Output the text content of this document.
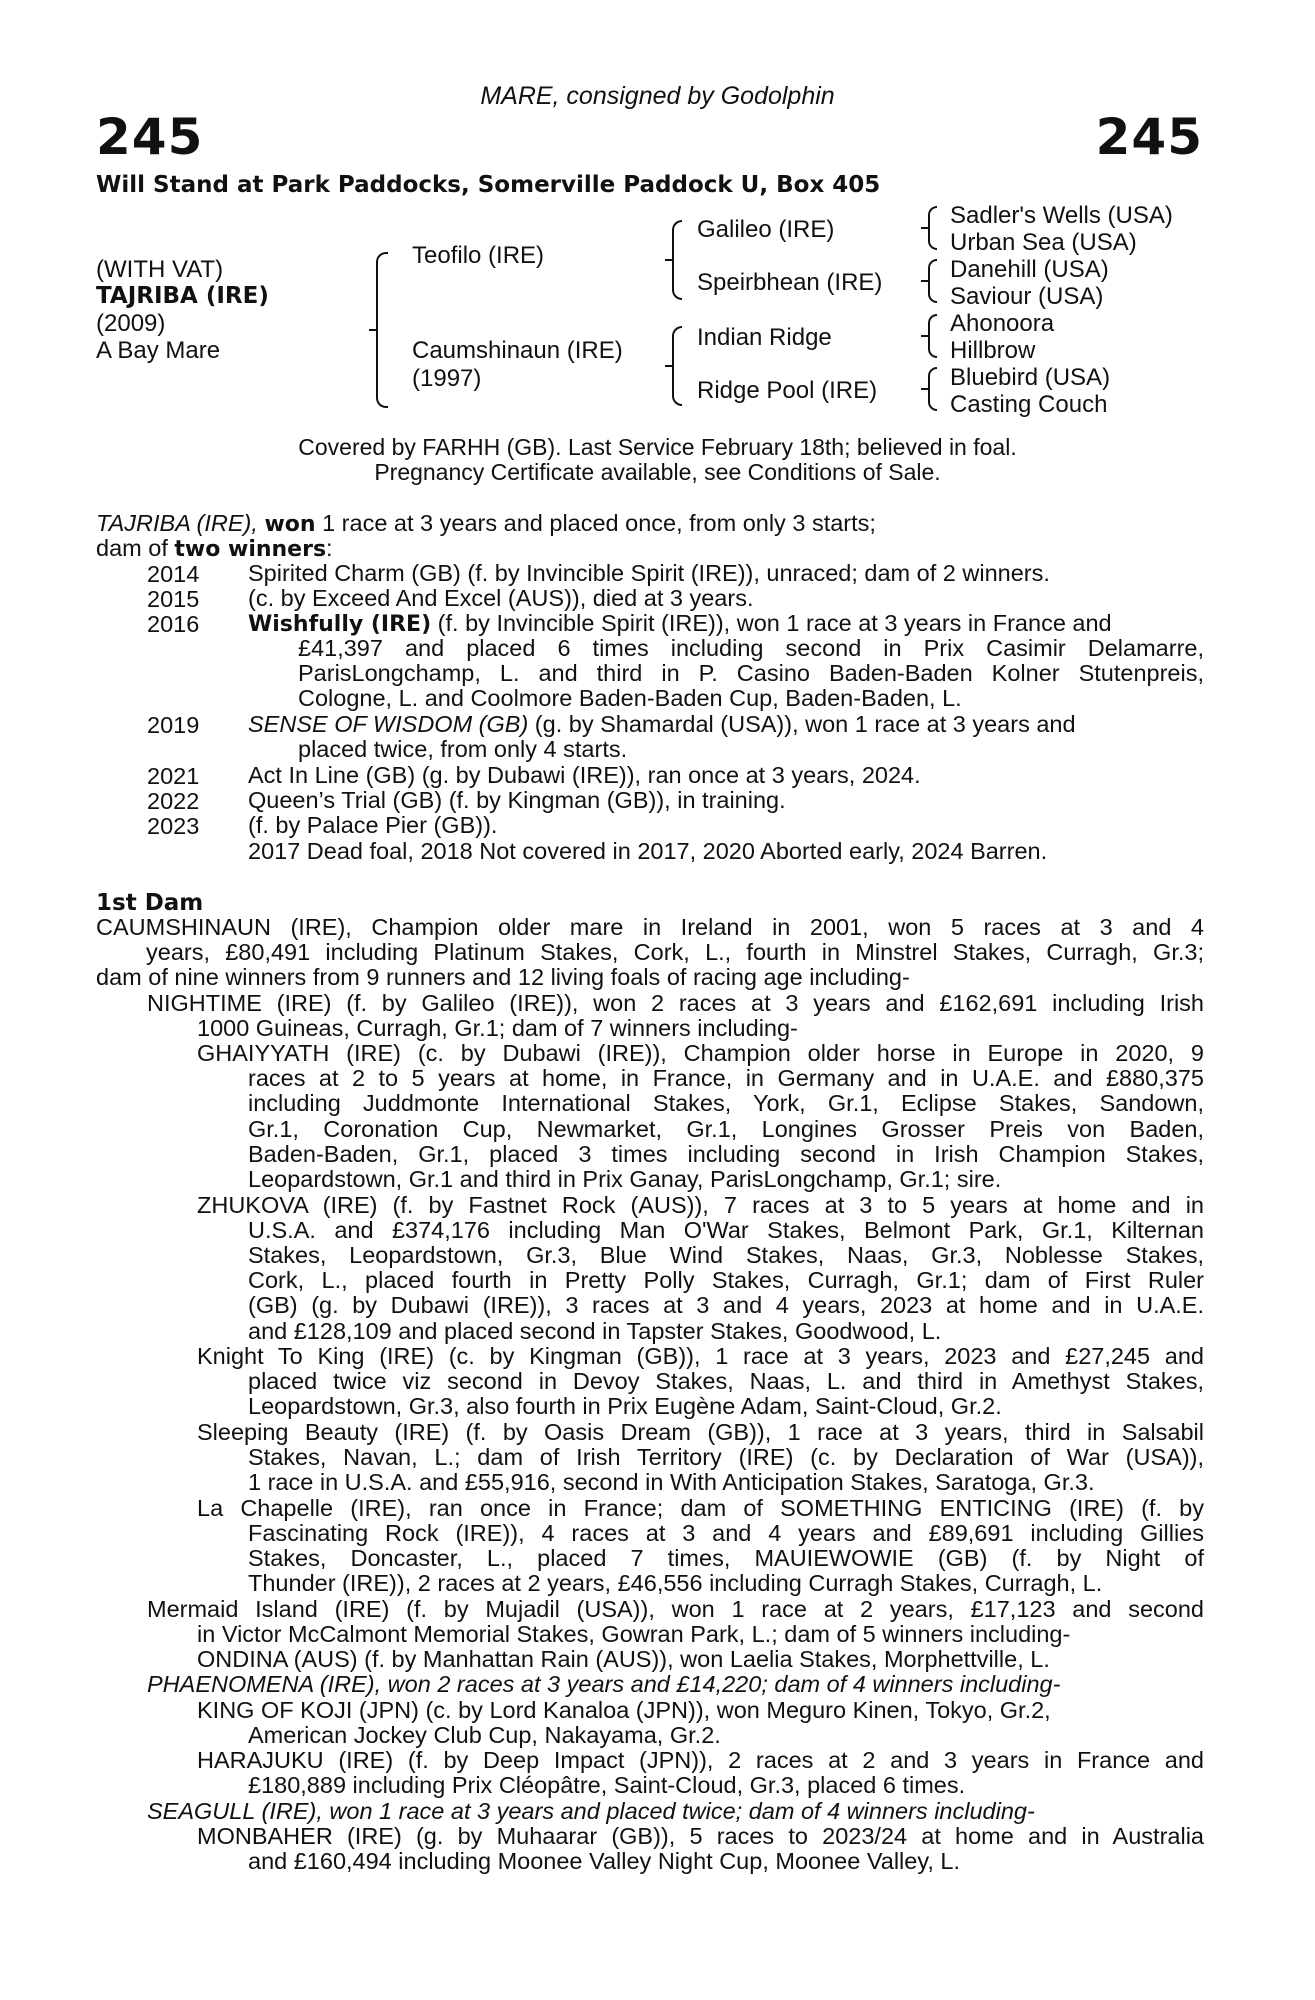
MARE, consigned by Godolphin
245	245
Will Stand at Park Paddocks, Somerville Paddock U, Box 405
(WITH VAT)
TAJRIBA (IRE)
(2009)
A Bay Mare
Teofilo (IRE)
Caumshinaun (IRE)
(1997)
Galileo (IRE)
Speirbhean (IRE)
Indian Ridge
Ridge Pool (IRE)
Sadler's Wells (USA)
Urban Sea (USA)
Danehill (USA)
Saviour (USA)
Ahonoora
Hillbrow
Bluebird (USA)
Casting Couch
Covered by FARHH (GB). Last Service February 18th; believed in foal.
Pregnancy Certificate available, see Conditions of Sale.
TAJRIBA (IRE), won 1 race at 3 years and placed once, from only 3 starts;
dam of two winners:
2014 Spirited Charm (GB) (f. by Invincible Spirit (IRE)), unraced; dam of 2 winners.
2015 (c. by Exceed And Excel (AUS)), died at 3 years.
2016 Wishfully (IRE) (f. by Invincible Spirit (IRE)), won 1 race at 3 years in France and
£41,397 and placed 6 times including second in Prix Casimir Delamarre,
ParisLongchamp, L. and third in P. Casino Baden-Baden Kolner Stutenpreis,
Cologne, L. and Coolmore Baden-Baden Cup, Baden-Baden, L.
2019 SENSE OF WISDOM (GB) (g. by Shamardal (USA)), won 1 race at 3 years and
placed twice, from only 4 starts.
2021 Act In Line (GB) (g. by Dubawi (IRE)), ran once at 3 years, 2024.
2022 Queen’s Trial (GB) (f. by Kingman (GB)), in training.
2023 (f. by Palace Pier (GB)).
2017 Dead foal, 2018 Not covered in 2017, 2020 Aborted early, 2024 Barren.
1st Dam
CAUMSHINAUN (IRE), Champion older mare in Ireland in 2001, won 5 races at 3 and 4
years, £80,491 including Platinum Stakes, Cork, L., fourth in Minstrel Stakes, Curragh, Gr.3;
dam of nine winners from 9 runners and 12 living foals of racing age including-
NIGHTIME (IRE) (f. by Galileo (IRE)), won 2 races at 3 years and £162,691 including Irish
1000 Guineas, Curragh, Gr.1; dam of 7 winners including-
GHAIYYATH (IRE) (c. by Dubawi (IRE)), Champion older horse in Europe in 2020, 9
races at 2 to 5 years at home, in France, in Germany and in U.A.E. and £880,375
including Juddmonte International Stakes, York, Gr.1, Eclipse Stakes, Sandown,
Gr.1, Coronation Cup, Newmarket, Gr.1, Longines Grosser Preis von Baden,
Baden-Baden, Gr.1, placed 3 times including second in Irish Champion Stakes,
Leopardstown, Gr.1 and third in Prix Ganay, ParisLongchamp, Gr.1; sire.
ZHUKOVA (IRE) (f. by Fastnet Rock (AUS)), 7 races at 3 to 5 years at home and in
U.S.A. and £374,176 including Man O'War Stakes, Belmont Park, Gr.1, Kilternan
Stakes, Leopardstown, Gr.3, Blue Wind Stakes, Naas, Gr.3, Noblesse Stakes,
Cork, L., placed fourth in Pretty Polly Stakes, Curragh, Gr.1; dam of First Ruler
(GB) (g. by Dubawi (IRE)), 3 races at 3 and 4 years, 2023 at home and in U.A.E.
and £128,109 and placed second in Tapster Stakes, Goodwood, L.
Knight To King (IRE) (c. by Kingman (GB)), 1 race at 3 years, 2023 and £27,245 and
placed twice viz second in Devoy Stakes, Naas, L. and third in Amethyst Stakes,
Leopardstown, Gr.3, also fourth in Prix Eugène Adam, Saint-Cloud, Gr.2.
Sleeping Beauty (IRE) (f. by Oasis Dream (GB)), 1 race at 3 years, third in Salsabil
Stakes, Navan, L.; dam of Irish Territory (IRE) (c. by Declaration of War (USA)),
1 race in U.S.A. and £55,916, second in With Anticipation Stakes, Saratoga, Gr.3.
La Chapelle (IRE), ran once in France; dam of SOMETHING ENTICING (IRE) (f. by
Fascinating Rock (IRE)), 4 races at 3 and 4 years and £89,691 including Gillies
Stakes, Doncaster, L., placed 7 times, MAUIEWOWIE (GB) (f. by Night of
Thunder (IRE)), 2 races at 2 years, £46,556 including Curragh Stakes, Curragh, L.
Mermaid Island (IRE) (f. by Mujadil (USA)), won 1 race at 2 years, £17,123 and second
in Victor McCalmont Memorial Stakes, Gowran Park, L.; dam of 5 winners including-
ONDINA (AUS) (f. by Manhattan Rain (AUS)), won Laelia Stakes, Morphettville, L.
PHAENOMENA (IRE), won 2 races at 3 years and £14,220; dam of 4 winners including-
KING OF KOJI (JPN) (c. by Lord Kanaloa (JPN)), won Meguro Kinen, Tokyo, Gr.2,
American Jockey Club Cup, Nakayama, Gr.2.
HARAJUKU (IRE) (f. by Deep Impact (JPN)), 2 races at 2 and 3 years in France and
£180,889 including Prix Cléopâtre, Saint-Cloud, Gr.3, placed 6 times.
SEAGULL (IRE), won 1 race at 3 years and placed twice; dam of 4 winners including-
MONBAHER (IRE) (g. by Muhaarar (GB)), 5 races to 2023/24 at home and in Australia
and £160,494 including Moonee Valley Night Cup, Moonee Valley, L.
